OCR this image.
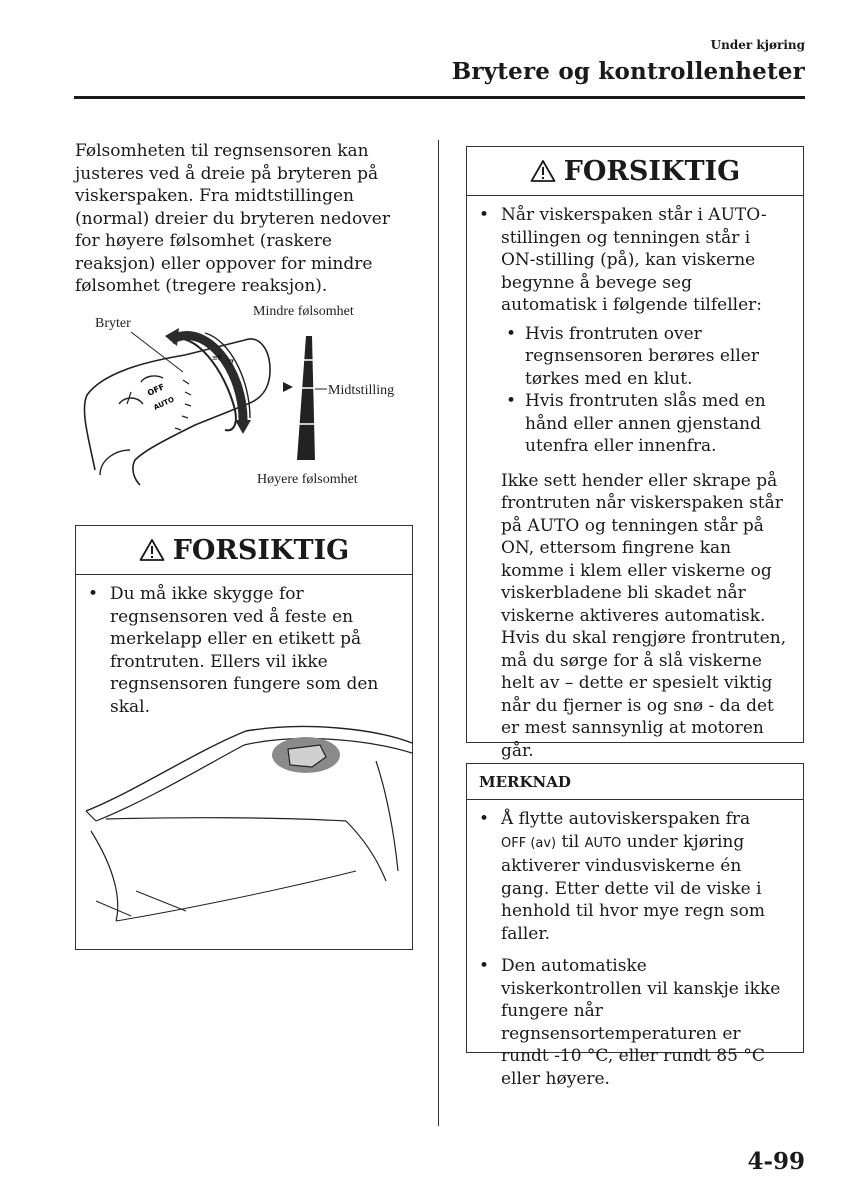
Under kjøring
Brytere og kontrollenheter
Følsomheten til regnsensoren kan justeres ved å dreie på bryteren på viskerspaken. Fra midtstillingen (normal) dreier du bryteren nedover for høyere følsomhet (raskere reaksjon) eller oppover for mindre følsomhet (tregere reaksjon).
OFF
AUTO
≡F
Bryter
Mindre følsomhet
Midtstilling
Høyere følsomhet
FORSIKTIG
• Du må ikke skygge for regnsensoren ved å feste en merkelapp eller en etikett på frontruten. Ellers vil ikke regnsensoren fungere som den skal.
FORSIKTIG
• Når viskerspaken står i AUTO-stillingen og tenningen står i ON-stilling (på), kan viskerne begynne å bevege seg automatisk i følgende tilfeller:
• Hvis frontruten over regnsensoren berøres eller tørkes med en klut.
• Hvis frontruten slås med en hånd eller annen gjenstand utenfra eller innenfra.
Ikke sett hender eller skrape på frontruten når viskerspaken står på AUTO og tenningen står på ON, ettersom fingrene kan komme i klem eller viskerne og viskerbladene bli skadet når viskerne aktiveres automatisk.
Hvis du skal rengjøre frontruten, må du sørge for å slå viskerne helt av – dette er spesielt viktig når du fjerner is og snø - da det er mest sannsynlig at motoren går.
MERKNAD
• Å flytte autoviskerspaken fra
OFF (av) til AUTO under kjøring aktiverer vindusviskerne én gang. Etter dette vil de viske i henhold til hvor mye regn som faller.
• Den automatiske viskerkontrollen vil kanskje ikke fungere når regnsensortemperaturen er rundt -10 °C, eller rundt 85 °C eller høyere.
4-99
